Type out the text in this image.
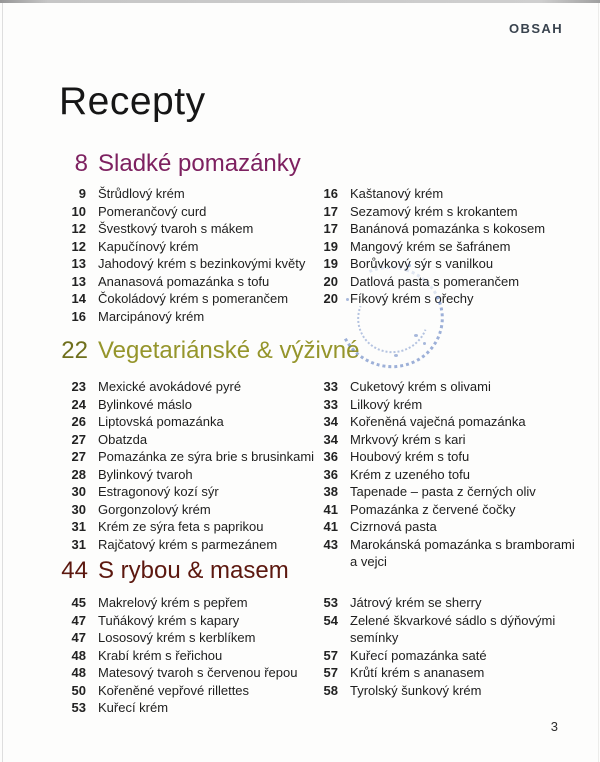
OBSAH
Recepty
8 Sladké pomazánky
9 Štrůdlový krém
10 Pomerančový curd
12 Švestkový tvaroh s mákem
12 Kapučínový krém
13 Jahodový krém s bezinkovými květy
13 Ananasová pomazánka s tofu
14 Čokoládový krém s pomerančem
16 Marcipánový krém
16 Kaštanový krém
17 Sezamový krém s krokantem
17 Banánová pomazánka s kokosem
19 Mangový krém se šafránem
19 Borůvkový sýr s vanilkou
20 Datlová pasta s pomerančem
20 Fíkový krém s ořechy
22 Vegetariánské & výživné
23 Mexické avokádové pyré
24 Bylinkové máslo
26 Liptovská pomazánka
27 Obatzda
27 Pomazánka ze sýra brie s brusinkami
28 Bylinkový tvaroh
30 Estragonový kozí sýr
30 Gorgonzolový krém
31 Krém ze sýra feta s paprikou
31 Rajčatový krém s parmezánem
33 Cuketový krém s olivami
33 Lilkový krém
34 Kořeněná vaječná pomazánka
34 Mrkvový krém s kari
36 Houbový krém s tofu
36 Krém z uzeného tofu
38 Tapenade – pasta z černých oliv
41 Pomazánka z červené čočky
41 Cizrnová pasta
43 Marokánská pomazánka s bramborami
a vejci
44 S rybou & masem
45 Makrelový krém s pepřem
47 Tuňákový krém s kapary
47 Lososový krém s kerblíkem
48 Krabí krém s řeřichou
48 Matesový tvaroh s červenou řepou
50 Kořeněné vepřové rillettes
53 Kuřecí krém
53 Játrový krém se sherry
54 Zelené škvarkové sádlo s dýňovými
semínky
57 Kuřecí pomazánka saté
57 Krůtí krém s ananasem
58 Tyrolský šunkový krém
3
